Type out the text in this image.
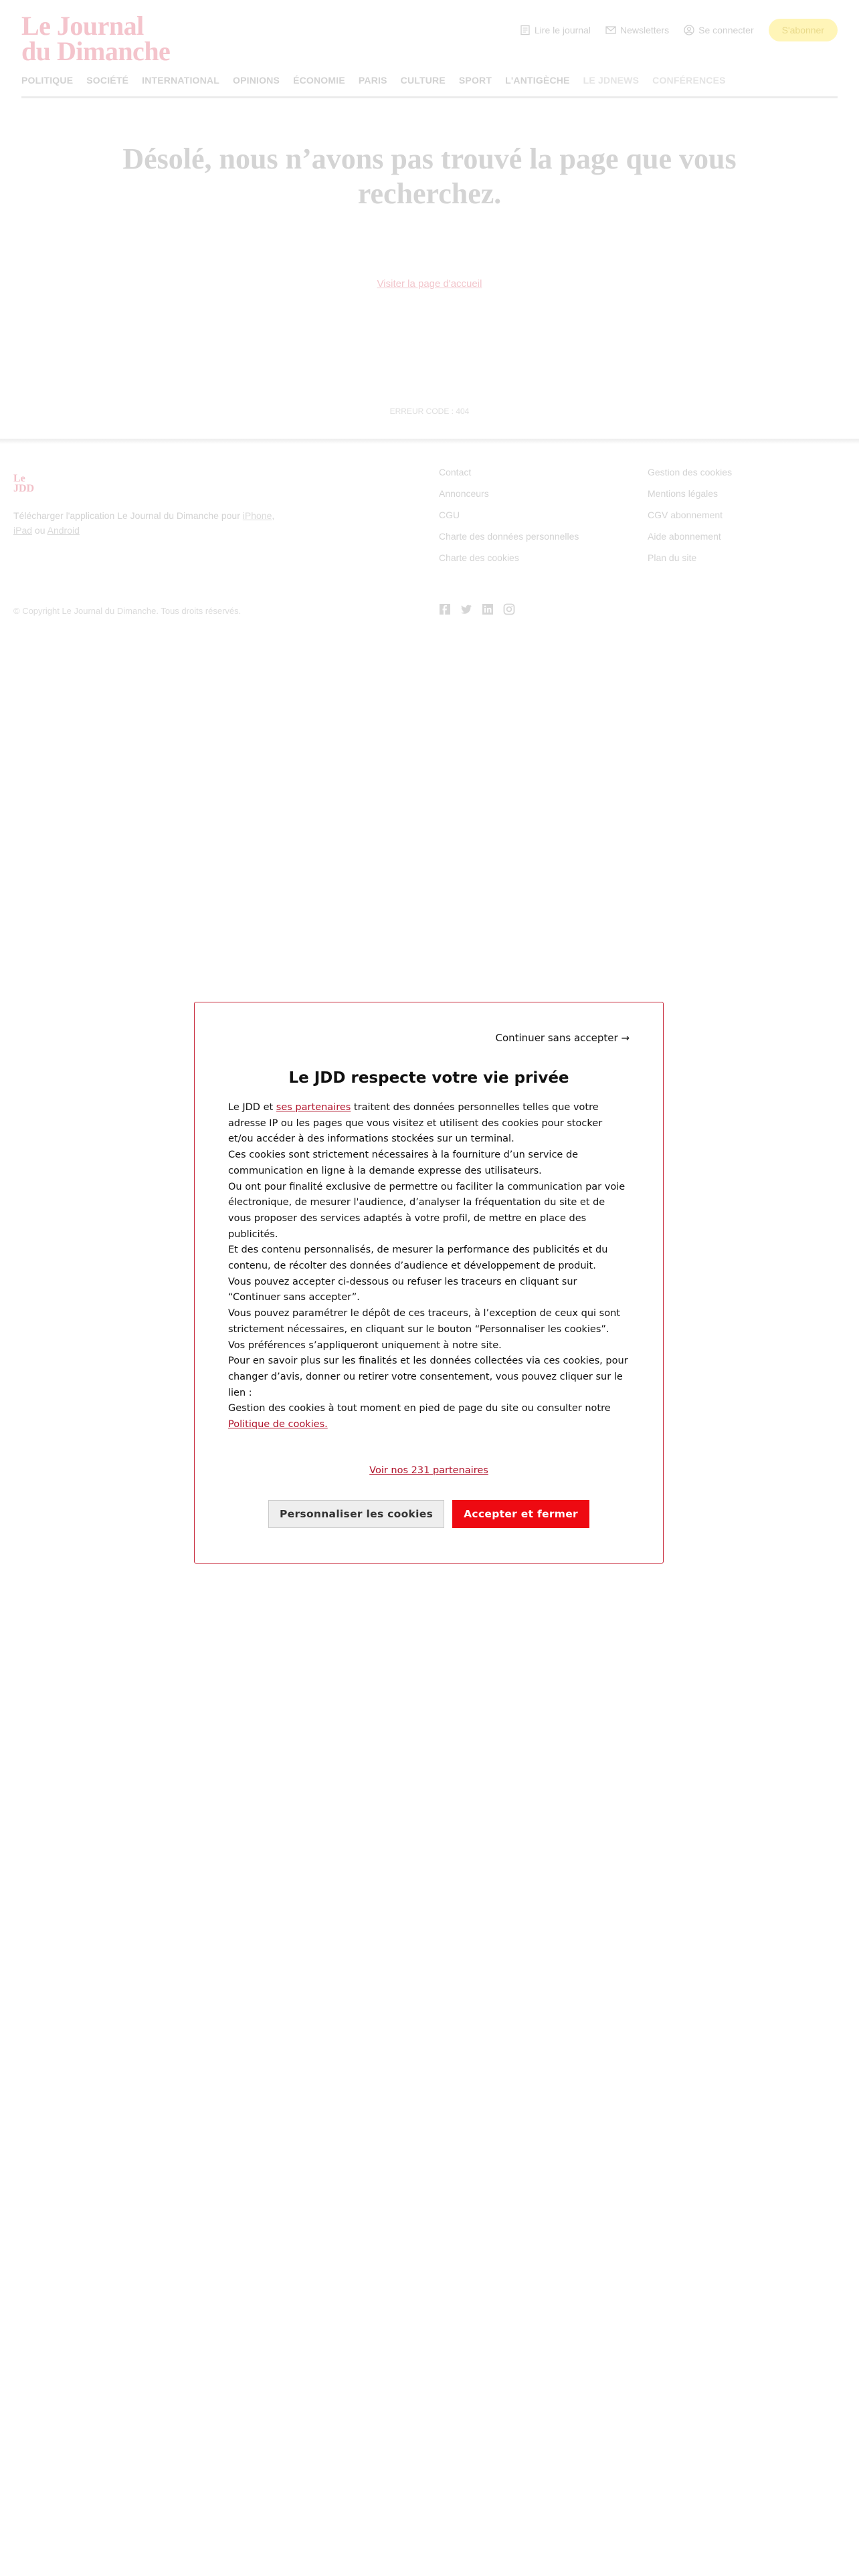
Le Journal
du Dimanche
Lire le journal	Newsletters	Se connecter	S'abonner
POLITIQUE SOCIÉTÉ INTERNATIONAL OPINIONS ÉCONOMIE PARIS CULTURE SPORT L'ANTIGÈCHE LE JDNEWS CONFÉRENCES
Désolé, nous n’avons pas trouvé la page que vous recherchez.
Visiter la page d'accueil
ERREUR CODE : 404
Le
JDD
Télécharger l'application Le Journal du Dimanche pour iPhone, iPad ou Android
Contact
Annonceurs
CGU
Charte des données personnelles
Charte des cookies
Gestion des cookies
Mentions légales
CGV abonnement
Aide abonnement
Plan du site
© Copyright Le Journal du Dimanche. Tous droits réservés.
Continuer sans accepter →
Le JDD respecte votre vie privée

Le JDD et ses partenaires traitent des données personnelles telles que votre adresse IP ou les pages que vous visitez et utilisent des cookies pour stocker et/ou accéder à des informations stockées sur un terminal.

Ces cookies sont strictement nécessaires à la fourniture d’un service de communication en ligne à la demande expresse des utilisateurs.

Ou ont pour finalité exclusive de permettre ou faciliter la communication par voie électronique, de mesurer l'audience, d’analyser la fréquentation du site et de vous proposer des services adaptés à votre profil, de mettre en place des publicités.

Et des contenu personnalisés, de mesurer la performance des publicités et du contenu, de récolter des données d’audience et développement de produit.

Vous pouvez accepter ci-dessous ou refuser les traceurs en cliquant sur “Continuer sans accepter”.

Vous pouvez paramétrer le dépôt de ces traceurs, à l’exception de ceux qui sont strictement nécessaires, en cliquant sur le bouton “Personnaliser les cookies”.

Vos préférences s’appliqueront uniquement à notre site.

Pour en savoir plus sur les finalités et les données collectées via ces cookies, pour changer d’avis, donner ou retirer votre consentement, vous pouvez cliquer sur le lien :

Gestion des cookies à tout moment en pied de page du site ou consulter notre
Politique de cookies.

Voir nos 231 partenaires
Personnaliser les cookies	Accepter et fermer
